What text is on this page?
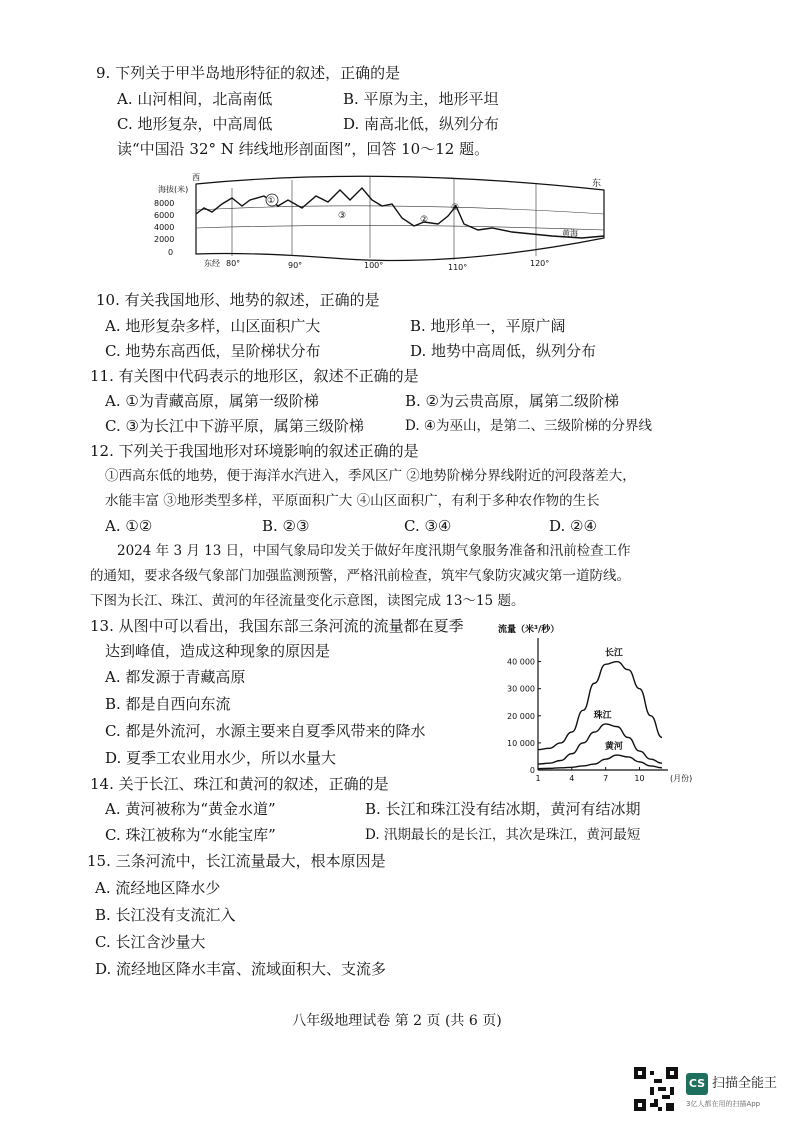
9. 下列关于甲半岛地形特征的叙述，正确的是
A. 山河相间，北高南低	B. 平原为主，地形平坦
C. 地形复杂，中高周低	D. 南高北低，纵列分布
读“中国沿 32° N 纬线地形剖面图”，回答 10～12 题。
西
东
海拔(米)
8000
6000
4000
2000
0
①
③	②
④
黄海
东经 80°	90°	100°	110°	120°
10. 有关我国地形、地势的叙述，正确的是
A. 地形复杂多样，山区面积广大	B. 地形单一，平原广阔
C. 地势东高西低，呈阶梯状分布	D. 地势中高周低，纵列分布
11. 有关图中代码表示的地形区，叙述不正确的是
A. ①为青藏高原，属第一级阶梯	B. ②为云贵高原，属第二级阶梯
C. ③为长江中下游平原，属第三级阶梯	D. ④为巫山，是第二、三级阶梯的分界线
12. 下列关于我国地形对环境影响的叙述正确的是
①西高东低的地势，便于海洋水汽进入，季风区广 ②地势阶梯分界线附近的河段落差大，
水能丰富 ③地形类型多样，平原面积广大 ④山区面积广，有利于多种农作物的生长
A. ①②	B. ②③	C. ③④	D. ②④
2024 年 3 月 13 日，中国气象局印发关于做好年度汛期气象服务准备和汛前检查工作
的通知，要求各级气象部门加强监测预警，严格汛前检查，筑牢气象防灾减灾第一道防线。
下图为长江、珠江、黄河的年径流量变化示意图，读图完成 13～15 题。
13. 从图中可以看出，我国东部三条河流的流量都在夏季
达到峰值，造成这种现象的原因是
A. 都发源于青藏高原
B. 都是自西向东流
C. 都是外流河，水源主要来自夏季风带来的降水
D. 夏季工农业用水少，所以水量大
流量（米³/秒）
40 000
30 000
20 000
10 000
0
1	4	7	10	(月份)
长江
珠江
黄河
14. 关于长江、珠江和黄河的叙述，正确的是
A. 黄河被称为“黄金水道”	B. 长江和珠江没有结冰期，黄河有结冰期
C. 珠江被称为“水能宝库”	D. 汛期最长的是长江，其次是珠江，黄河最短
15. 三条河流中，长江流量最大，根本原因是
A. 流经地区降水少
B. 长江没有支流汇入
C. 长江含沙量大
D. 流经地区降水丰富、流域面积大、支流多
八年级地理试卷 第 2 页 (共 6 页)
CS 扫描全能王
3亿人都在用的扫描App
